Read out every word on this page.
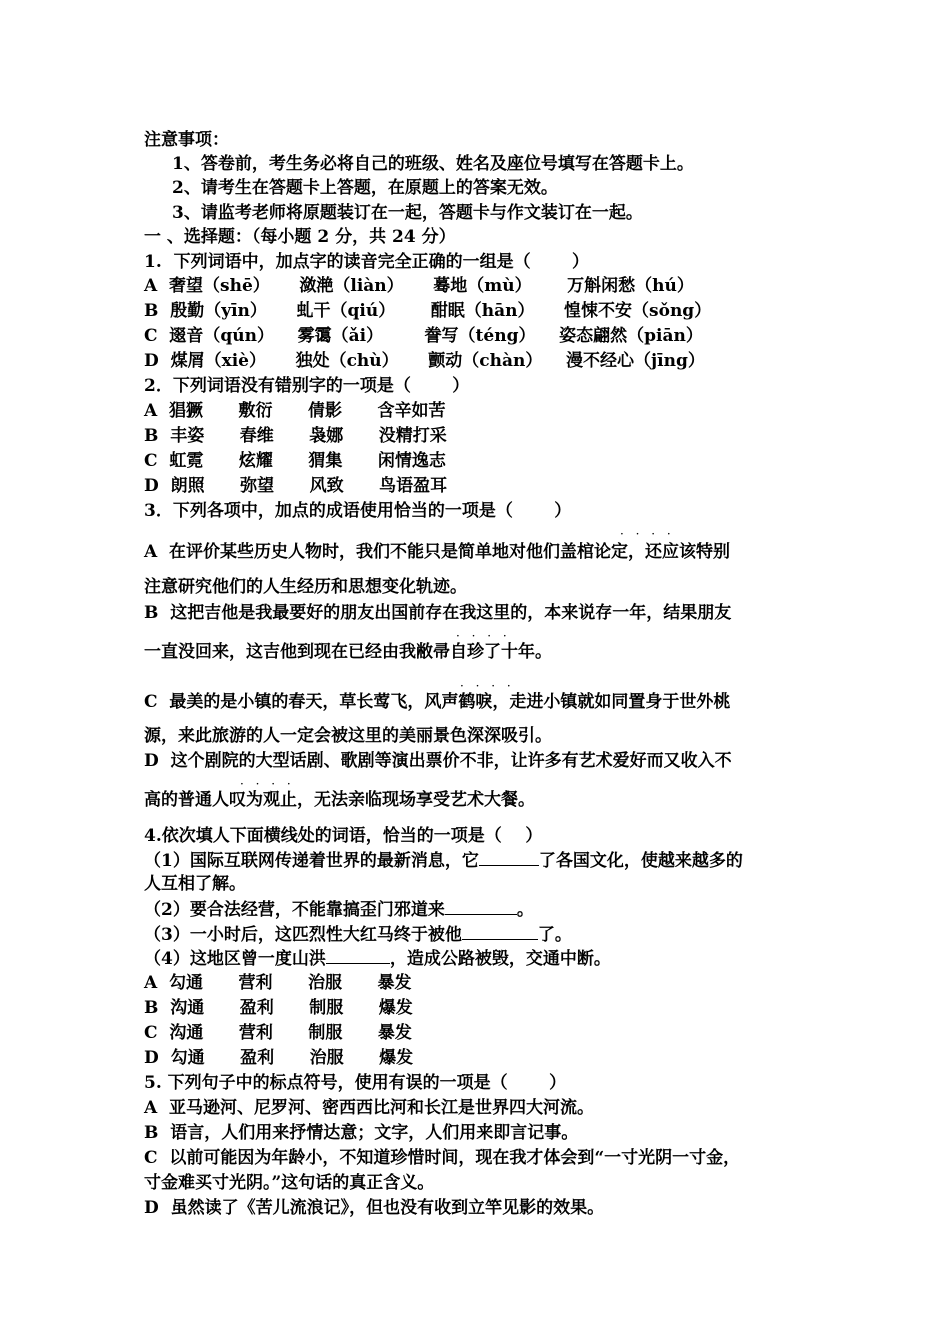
注意事项：
1、答卷前，考生务必将自己的班级、姓名及座位号填写在答题卡上。
2、请考生在答题卡上答题，在原题上的答案无效。
3、请监考老师将原题装订在一起，答题卡与作文装订在一起。
一 、选择题：（每小题 2 分，共 24 分）
1.  下列词语中，加点字的读音完全正确的一组是（       ）
A  奢望（shē）     潋滟（liàn）     蓦地（mù）      万斛闲愁（hú）
B  殷勤（yīn）     虬干（qiú）      酣眠（hān）     惶悚不安（sǒng）
C  逫音（qún）    雾霭（ǎi）       誊写（téng）    姿态翩然（piān）
D  煤屑（xiè）     独处（chù）     颤动（chàn）    漫不经心（jīng）
2．下列词语没有错别字的一项是（       ）
A  猖獗      敷衍      倩影      含辛如苦
B  丰姿      春维      袅娜      没精打采
C  虹霓      炫耀      猬集      闲情逸志
D  朗照      弥望      风致      鸟语盈耳
3．下列各项中，加点的成语使用恰当的一项是（       ）
· · · ·
A  在评价某些历史人物时，我们不能只是简单地对他们盖棺论定，还应该特别
注意研究他们的人生经历和思想变化轨迹。
B  这把吉他是我最要好的朋友出国前存在我这里的，本来说存一年，结果朋友
· · · ·
一直没回来，这吉他到现在已经由我敝帚自珍了十年。
· · · ·
C  最美的是小镇的春天，草长莺飞，风声鹤唳，走进小镇就如同置身于世外桃
源，来此旅游的人一定会被这里的美丽景色深深吸引。
D  这个剧院的大型话剧、歌剧等演出票价不非，让许多有艺术爱好而又收入不
· · · ·
高的普通人叹为观止，无法亲临现场享受艺术大餐。
4.依次填人下面横线处的词语，恰当的一项是（    ）
（1）国际互联网传递着世界的最新消息，它	了各国文化，使越来越多的
人互相了解。
（2）要合法经营，不能靠搞歪门邪道来	。
（3）一小时后，这匹烈性大红马终于被他	了。
（4）这地区曾一度山洪	，造成公路被毁，交通中断。
A  勾通      营利      治服      暴发
B  沟通      盈利      制服      爆发
C  沟通      营利      制服      暴发
D  勾通      盈利      治服      爆发
5. 下列句子中的标点符号，使用有误的一项是（       ）
A  亚马逊河、尼罗河、密西西比河和长江是世界四大河流。
B  语言，人们用来抒情达意；文字，人们用来即言记事。
C  以前可能因为年龄小，不知道珍惜时间，现在我才体会到“一寸光阴一寸金，
寸金难买寸光阴。”这句话的真正含义。
D  虽然读了《苦儿流浪记》，但也没有收到立竿见影的效果。
